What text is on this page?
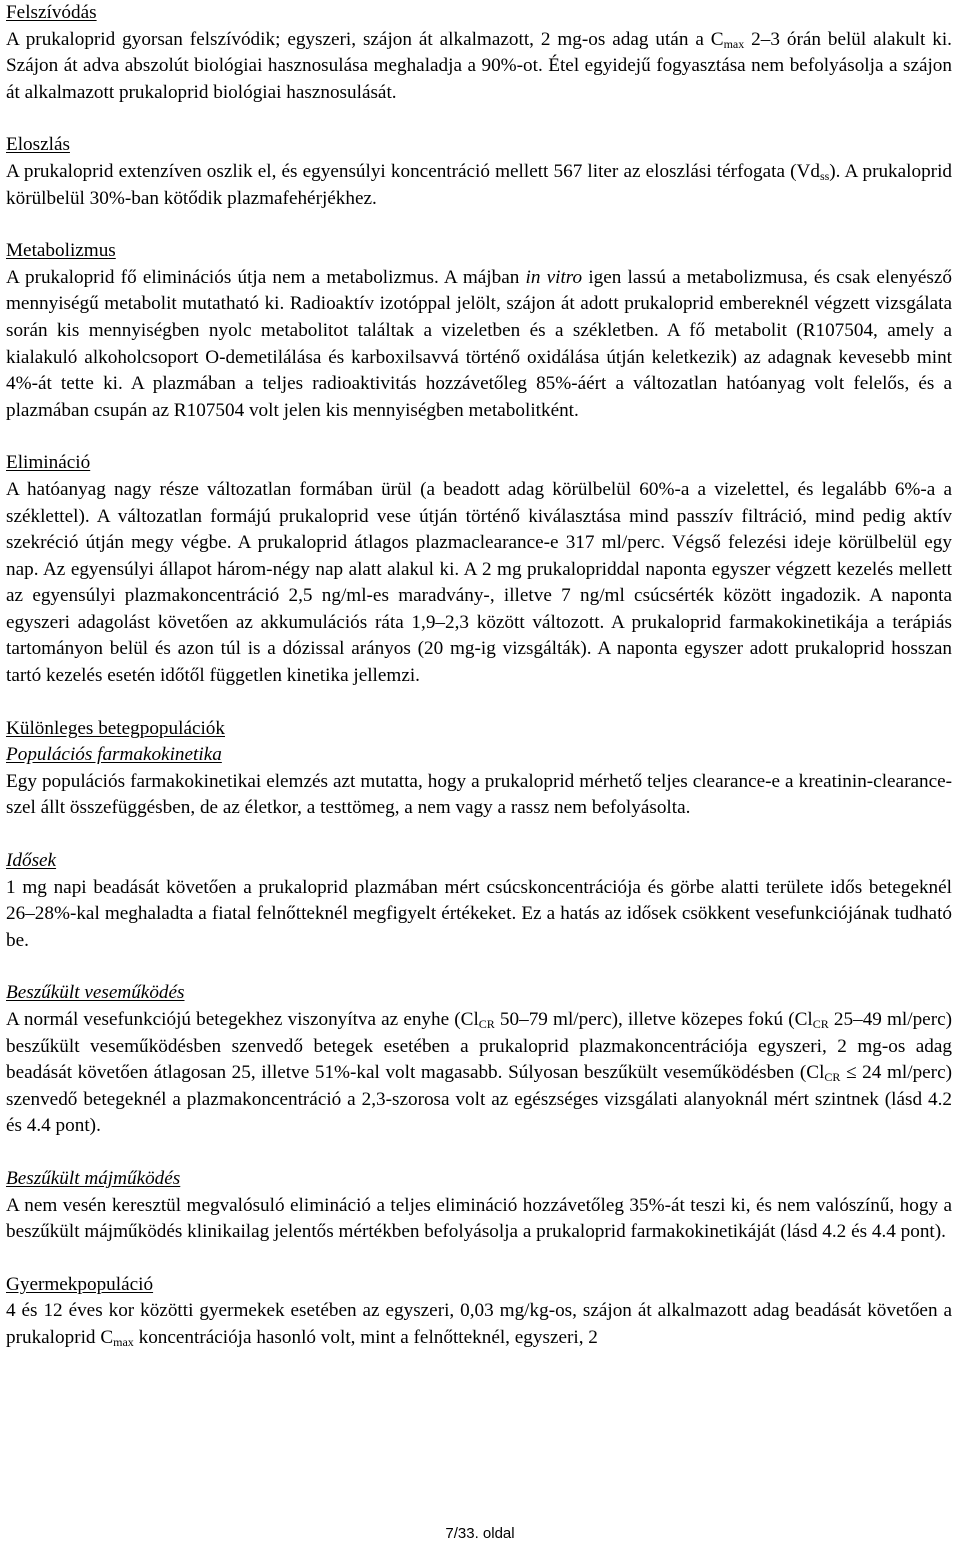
Felszívódás

A prukaloprid gyorsan felszívódik; egyszeri, szájon át alkalmazott, 2 mg-os adag után a $C_{max}$ 2–3 órán belül alakult ki. Szájon át adva abszolút biológiai hasznosulása meghaladja a 90%-ot. Étel egyidejű fogyasztása nem befolyásolja a szájon át alkalmazott prukaloprid biológiai hasznosulását.

Eloszlás

A prukaloprid extenzíven oszlik el, és egyensúlyi koncentráció mellett 567 liter az eloszlási térfogata $(Vd_{ss})$. A prukaloprid körülbelül 30%-ban kötődik plazmafehérjékhez.

Metabolizmus

A prukaloprid fő eliminációs útja nem a metabolizmus. A májban in vitro igen lassú a metabolizmusa, és csak elenyésző mennyiségű metabolit mutatható ki. Radioaktív izotóppal jelölt, szájon át adott prukaloprid embereknél végzett vizsgálata során kis mennyiségben nyolc metabolitot találtak a vizeletben és a székletben. A fő metabolit (R107504, amely a kialakuló alkoholcsoport O-demetilálása és karboxilsavvá történő oxidálása útján keletkezik) az adagnak kevesebb mint 4%-át tette ki. A plazmában a teljes radioaktivitás hozzávetőleg 85%-áért a változatlan hatóanyag volt felelős, és a plazmában csupán az R107504 volt jelen kis mennyiségben metabolitként.

Elimináció

A hatóanyag nagy része változatlan formában ürül (a beadott adag körülbelül 60%-a a vizelettel, és legalább 6%-a a széklettel). A változatlan formájú prukaloprid vese útján történő kiválasztása mind passzív filtráció, mind pedig aktív szekréció útján megy végbe. A prukaloprid átlagos plazmaclearance-e 317 ml/perc. Végső felezési ideje körülbelül egy nap. Az egyensúlyi állapot három-négy nap alatt alakul ki. A 2 mg prukalopriddal naponta egyszer végzett kezelés mellett az egyensúlyi plazmakoncentráció 2,5 ng/ml-es maradvány-, illetve 7 ng/ml csúcsérték között ingadozik. A naponta egyszeri adagolást követően az akkumulációs ráta 1,9–2,3 között változott. A prukaloprid farmakokinetikája a terápiás tartományon belül és azon túl is a dózissal arányos (20 mg-ig vizsgálták). A naponta egyszer adott prukaloprid hosszan tartó kezelés esetén időtől független kinetika jellemzi.

Különleges betegpopulációk
Populációs farmakokinetika

Egy populációs farmakokinetikai elemzés azt mutatta, hogy a prukaloprid mérhető teljes clearance-e a kreatinin-clearance-szel állt összefüggésben, de az életkor, a testtömeg, a nem vagy a rassz nem befolyásolta.

Idősek

1 mg napi beadását követően a prukaloprid plazmában mért csúcskoncentrációja és görbe alatti területe idős betegeknél 26–28%-kal meghaladta a fiatal felnőtteknél megfigyelt értékeket. Ez a hatás az idősek csökkent vesefunkciójának tudható be.

Beszűkült veseműködés

A normál vesefunkciójú betegekhez viszonyítva az enyhe ($Cl_{CR}$ 50–79 ml/perc), illetve közepes fokú ($Cl_{CR}$ 25–49 ml/perc) beszűkült veseműködésben szenvedő betegek esetében a prukaloprid plazmakoncentrációja egyszeri, 2 mg-os adag beadását követően átlagosan 25, illetve 51%-kal volt magasabb. Súlyosan beszűkült veseműködésben ($Cl_{CR} \le 24$ ml/perc) szenvedő betegeknél a plazmakoncentráció a 2,3-szorosa volt az egészséges vizsgálati alanyoknál mért szintnek (lásd 4.2 és 4.4 pont).

Beszűkült májműködés

A nem vesén keresztül megvalósuló elimináció a teljes elimináció hozzávetőleg 35%-át teszi ki, és nem valószínű, hogy a beszűkült májműködés klinikailag jelentős mértékben befolyásolja a prukaloprid farmakokinetikáját (lásd 4.2 és 4.4 pont).

Gyermekpopuláció

4 és 12 éves kor közötti gyermekek esetében az egyszeri, 0,03 mg/kg-os, szájon át alkalmazott adag beadását követően a prukaloprid $C_{max}$ koncentrációja hasonló volt, mint a felnőtteknél, egyszeri, 2

7/33. oldal
